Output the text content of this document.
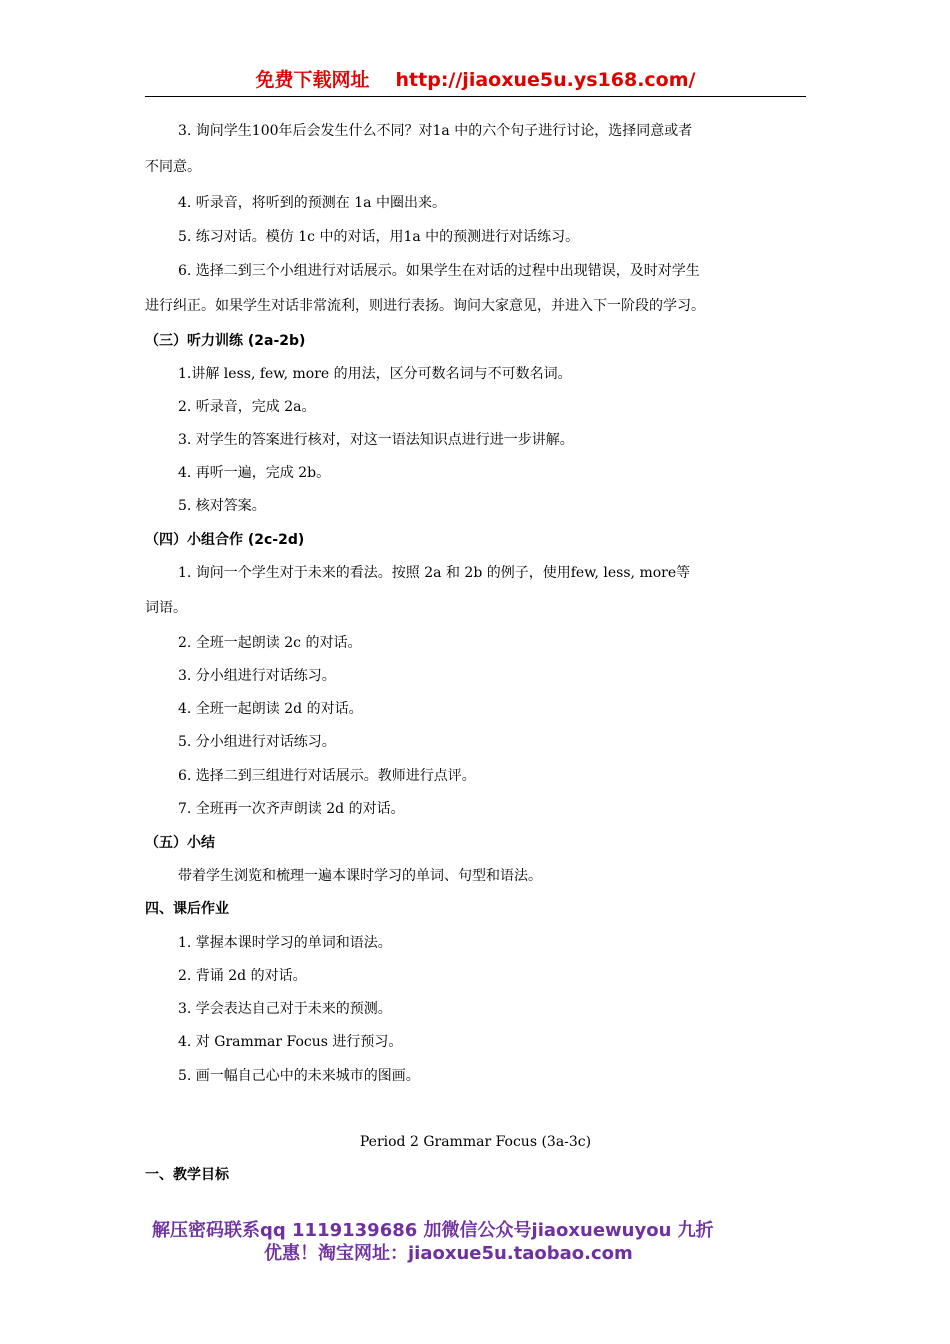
免费下载网址 http://jiaoxue5u.ys168.com/
3. 询问学生100年后会发生什么不同？对1a 中的六个句子进行讨论，选择同意或者
不同意。
4. 听录音，将听到的预测在 1a 中圈出来。
5. 练习对话。模仿 1c 中的对话，用1a 中的预测进行对话练习。
6. 选择二到三个小组进行对话展示。如果学生在对话的过程中出现错误，及时对学生
进行纠正。如果学生对话非常流利，则进行表扬。询问大家意见，并进入下一阶段的学习。
（三）听力训练 (2a-2b)
1.讲解 less, few, more 的用法，区分可数名词与不可数名词。
2. 听录音，完成 2a。
3. 对学生的答案进行核对，对这一语法知识点进行进一步讲解。
4. 再听一遍，完成 2b。
5. 核对答案。
（四）小组合作 (2c-2d)
1. 询问一个学生对于未来的看法。按照 2a 和 2b 的例子，使用few, less, more等
词语。
2. 全班一起朗读 2c 的对话。
3. 分小组进行对话练习。
4. 全班一起朗读 2d 的对话。
5. 分小组进行对话练习。
6. 选择二到三组进行对话展示。教师进行点评。
7. 全班再一次齐声朗读 2d 的对话。
（五）小结
带着学生浏览和梳理一遍本课时学习的单词、句型和语法。
四、课后作业
1. 掌握本课时学习的单词和语法。
2. 背诵 2d 的对话。
3. 学会表达自己对于未来的预测。
4. 对 Grammar Focus 进行预习。
5. 画一幅自己心中的未来城市的图画。
Period 2 Grammar Focus (3a-3c)
一、教学目标
解压密码联系qq 1119139686 加微信公众号jiaoxuewuyou 九折
优惠！淘宝网址：jiaoxue5u.taobao.com
